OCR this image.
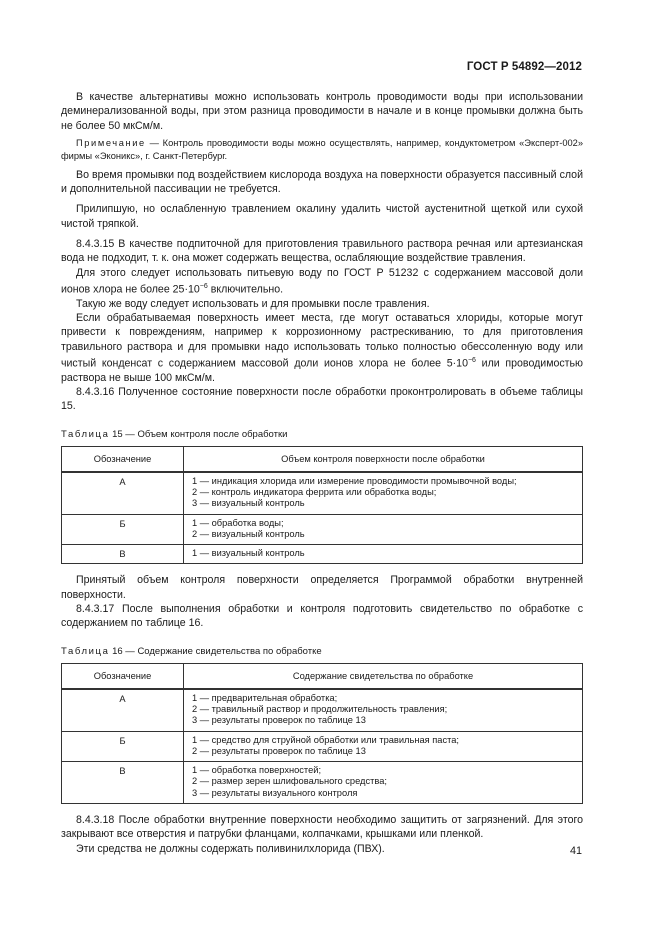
ГОСТ Р 54892—2012

В качестве альтернативы можно использовать контроль проводимости воды при использовании деминерализованной воды, при этом разница проводимости в начале и в конце промывки должна быть не более 50 мкСм/м.

Примечание — Контроль проводимости воды можно осуществлять, например, кондуктометром «Эксперт-002» фирмы «Эконикс», г. Санкт-Петербург.

Во время промывки под воздействием кислорода воздуха на поверхности образуется пассивный слой и дополнительной пассивации не требуется.

Прилипшую, но ослабленную травлением окалину удалить чистой аустенитной щеткой или сухой чистой тряпкой.

8.4.3.15 В качестве подпиточной для приготовления травильного раствора речная или артезианская вода не подходит, т. к. она может содержать вещества, ослабляющие воздействие травления.

Для этого следует использовать питьевую воду по ГОСТ Р 51232 с содержанием массовой доли ионов хлора не более $25\cdot 10^{-6}$ включительно.

Такую же воду следует использовать и для промывки после травления.

Если обрабатываемая поверхность имеет места, где могут оставаться хлориды, которые могут привести к повреждениям, например к коррозионному растрескиванию, то для приготовления травильного раствора и для промывки надо использовать только полностью обессоленную воду или чистый конденсат с содержанием массовой доли ионов хлора не более $5\cdot 10^{-6}$ или проводимостью раствора не выше 100 мкСм/м.

8.4.3.16 Полученное состояние поверхности после обработки проконтролировать в объеме таблицы 15.

Таблица 15 — Объем контроля после обработки
Обозначение	Объем контроля поверхности после обработки
А	1 — индикация хлорида или измерение проводимости промывочной воды;
2 — контроль индикатора феррита или обработка воды;
3 — визуальный контроль

Б	1 — обработка воды;
2 — визуальный контроль

В	1 — визуальный контроль

Принятый объем контроля поверхности определяется Программой обработки внутренней поверхности.

8.4.3.17 После выполнения обработки и контроля подготовить свидетельство по обработке с содержанием по таблице 16.

Таблица 16 — Содержание свидетельства по обработке
Обозначение	Содержание свидетельства по обработке
А	1 — предварительная обработка;
2 — травильный раствор и продолжительность травления;
3 — результаты проверок по таблице 13

Б	1 — средство для струйной обработки или травильная паста;
2 — результаты проверок по таблице 13

В	1 — обработка поверхностей;
2 — размер зерен шлифовального средства;
3 — результаты визуального контроля

8.4.3.18 После обработки внутренние поверхности необходимо защитить от загрязнений. Для этого закрывают все отверстия и патрубки фланцами, колпачками, крышками или пленкой.

Эти средства не должны содержать поливинилхлорида (ПВХ).	41
